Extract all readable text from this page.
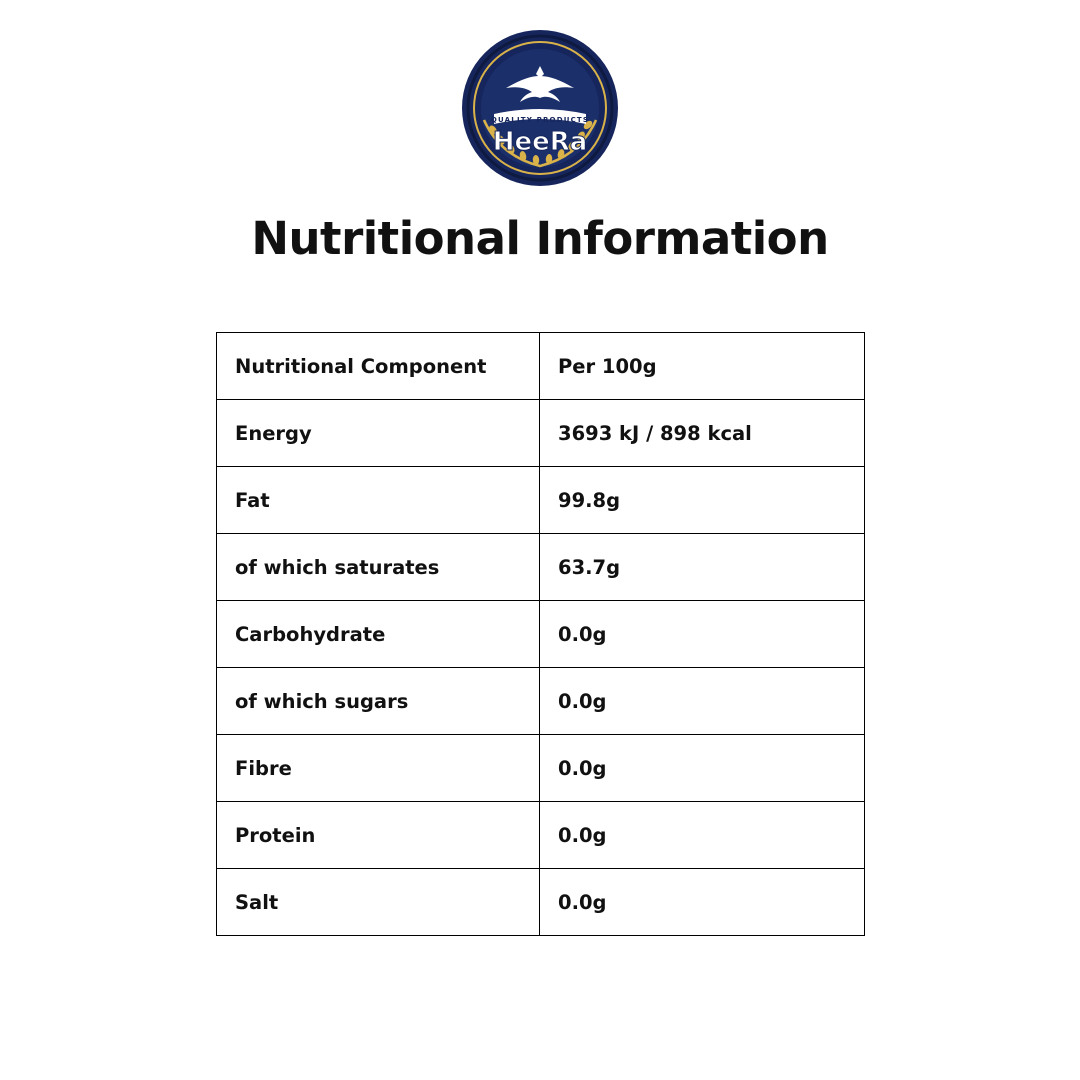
QUALITY PRODUCTS
HeeRa
Nutritional Information
Nutritional Component	Per 100g
Energy	3693 kJ / 898 kcal
Fat	99.8g
of which saturates	63.7g
Carbohydrate	0.0g
of which sugars	0.0g
Fibre	0.0g
Protein	0.0g
Salt	0.0g
